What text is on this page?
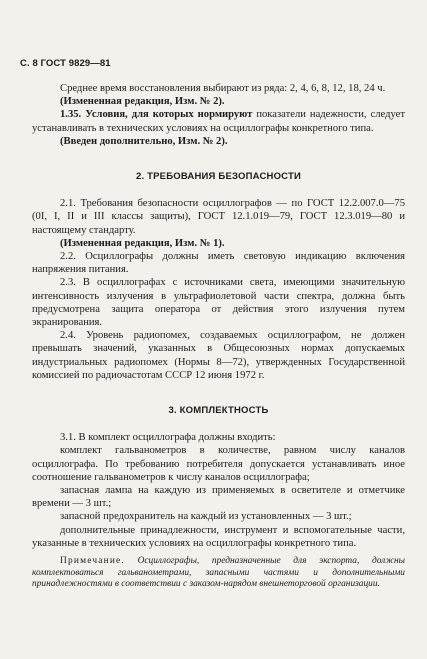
С. 8 ГОСТ 9829—81

Среднее время восстановления выбирают из ряда: 2, 4, 6, 8, 12, 18, 24 ч.

(Измененная редакция, Изм. № 2).

1.35. Условия, для которых нормируют показатели надежности, следует устанавливать в технических условиях на осциллографы конкретного типа.

(Введен дополнительно, Изм. № 2).

2. ТРЕБОВАНИЯ БЕЗОПАСНОСТИ

2.1. Требования безопасности осциллографов — по ГОСТ 12.2.007.0—75 (0I, I, II и III классы защиты), ГОСТ 12.1.019—79, ГОСТ 12.3.019—80 и настоящему стандарту.

(Измененная редакция, Изм. № 1).

2.2. Осциллографы должны иметь световую индикацию включения напряжения питания.

2.3. В осциллографах с источниками света, имеющими значительную интенсивность излучения в ультрафиолетовой части спектра, должна быть предусмотрена защита оператора от действия этого излучения путем экранирования.

2.4. Уровень радиопомех, создаваемых осциллографом, не должен превышать значений, указанных в Общесоюзных нормах допускаемых индустриальных радиопомех (Нормы 8—72), утвержденных Государственной комиссией по радиочастотам СССР 12 июня 1972 г.

3. КОМПЛЕКТНОСТЬ

3.1. В комплект осциллографа должны входить:

комплект гальванометров в количестве, равном числу каналов осциллографа. По требованию потребителя допускается устанавливать иное соотношение гальванометров к числу каналов осциллографа;

запасная лампа на каждую из применяемых в осветителе и отметчике времени — 3 шт.;

запасной предохранитель на каждый из установленных — 3 шт.;

дополнительные принадлежности, инструмент и вспомогательные части, указанные в технических условиях на осциллографы конкретного типа.

Примечание. Осциллографы, предназначенные для экспорта, должны комплектоваться гальванометрами, запасными частями и дополнительными принадлежностями в соответствии с заказом-нарядом внешнеторговой организации.
